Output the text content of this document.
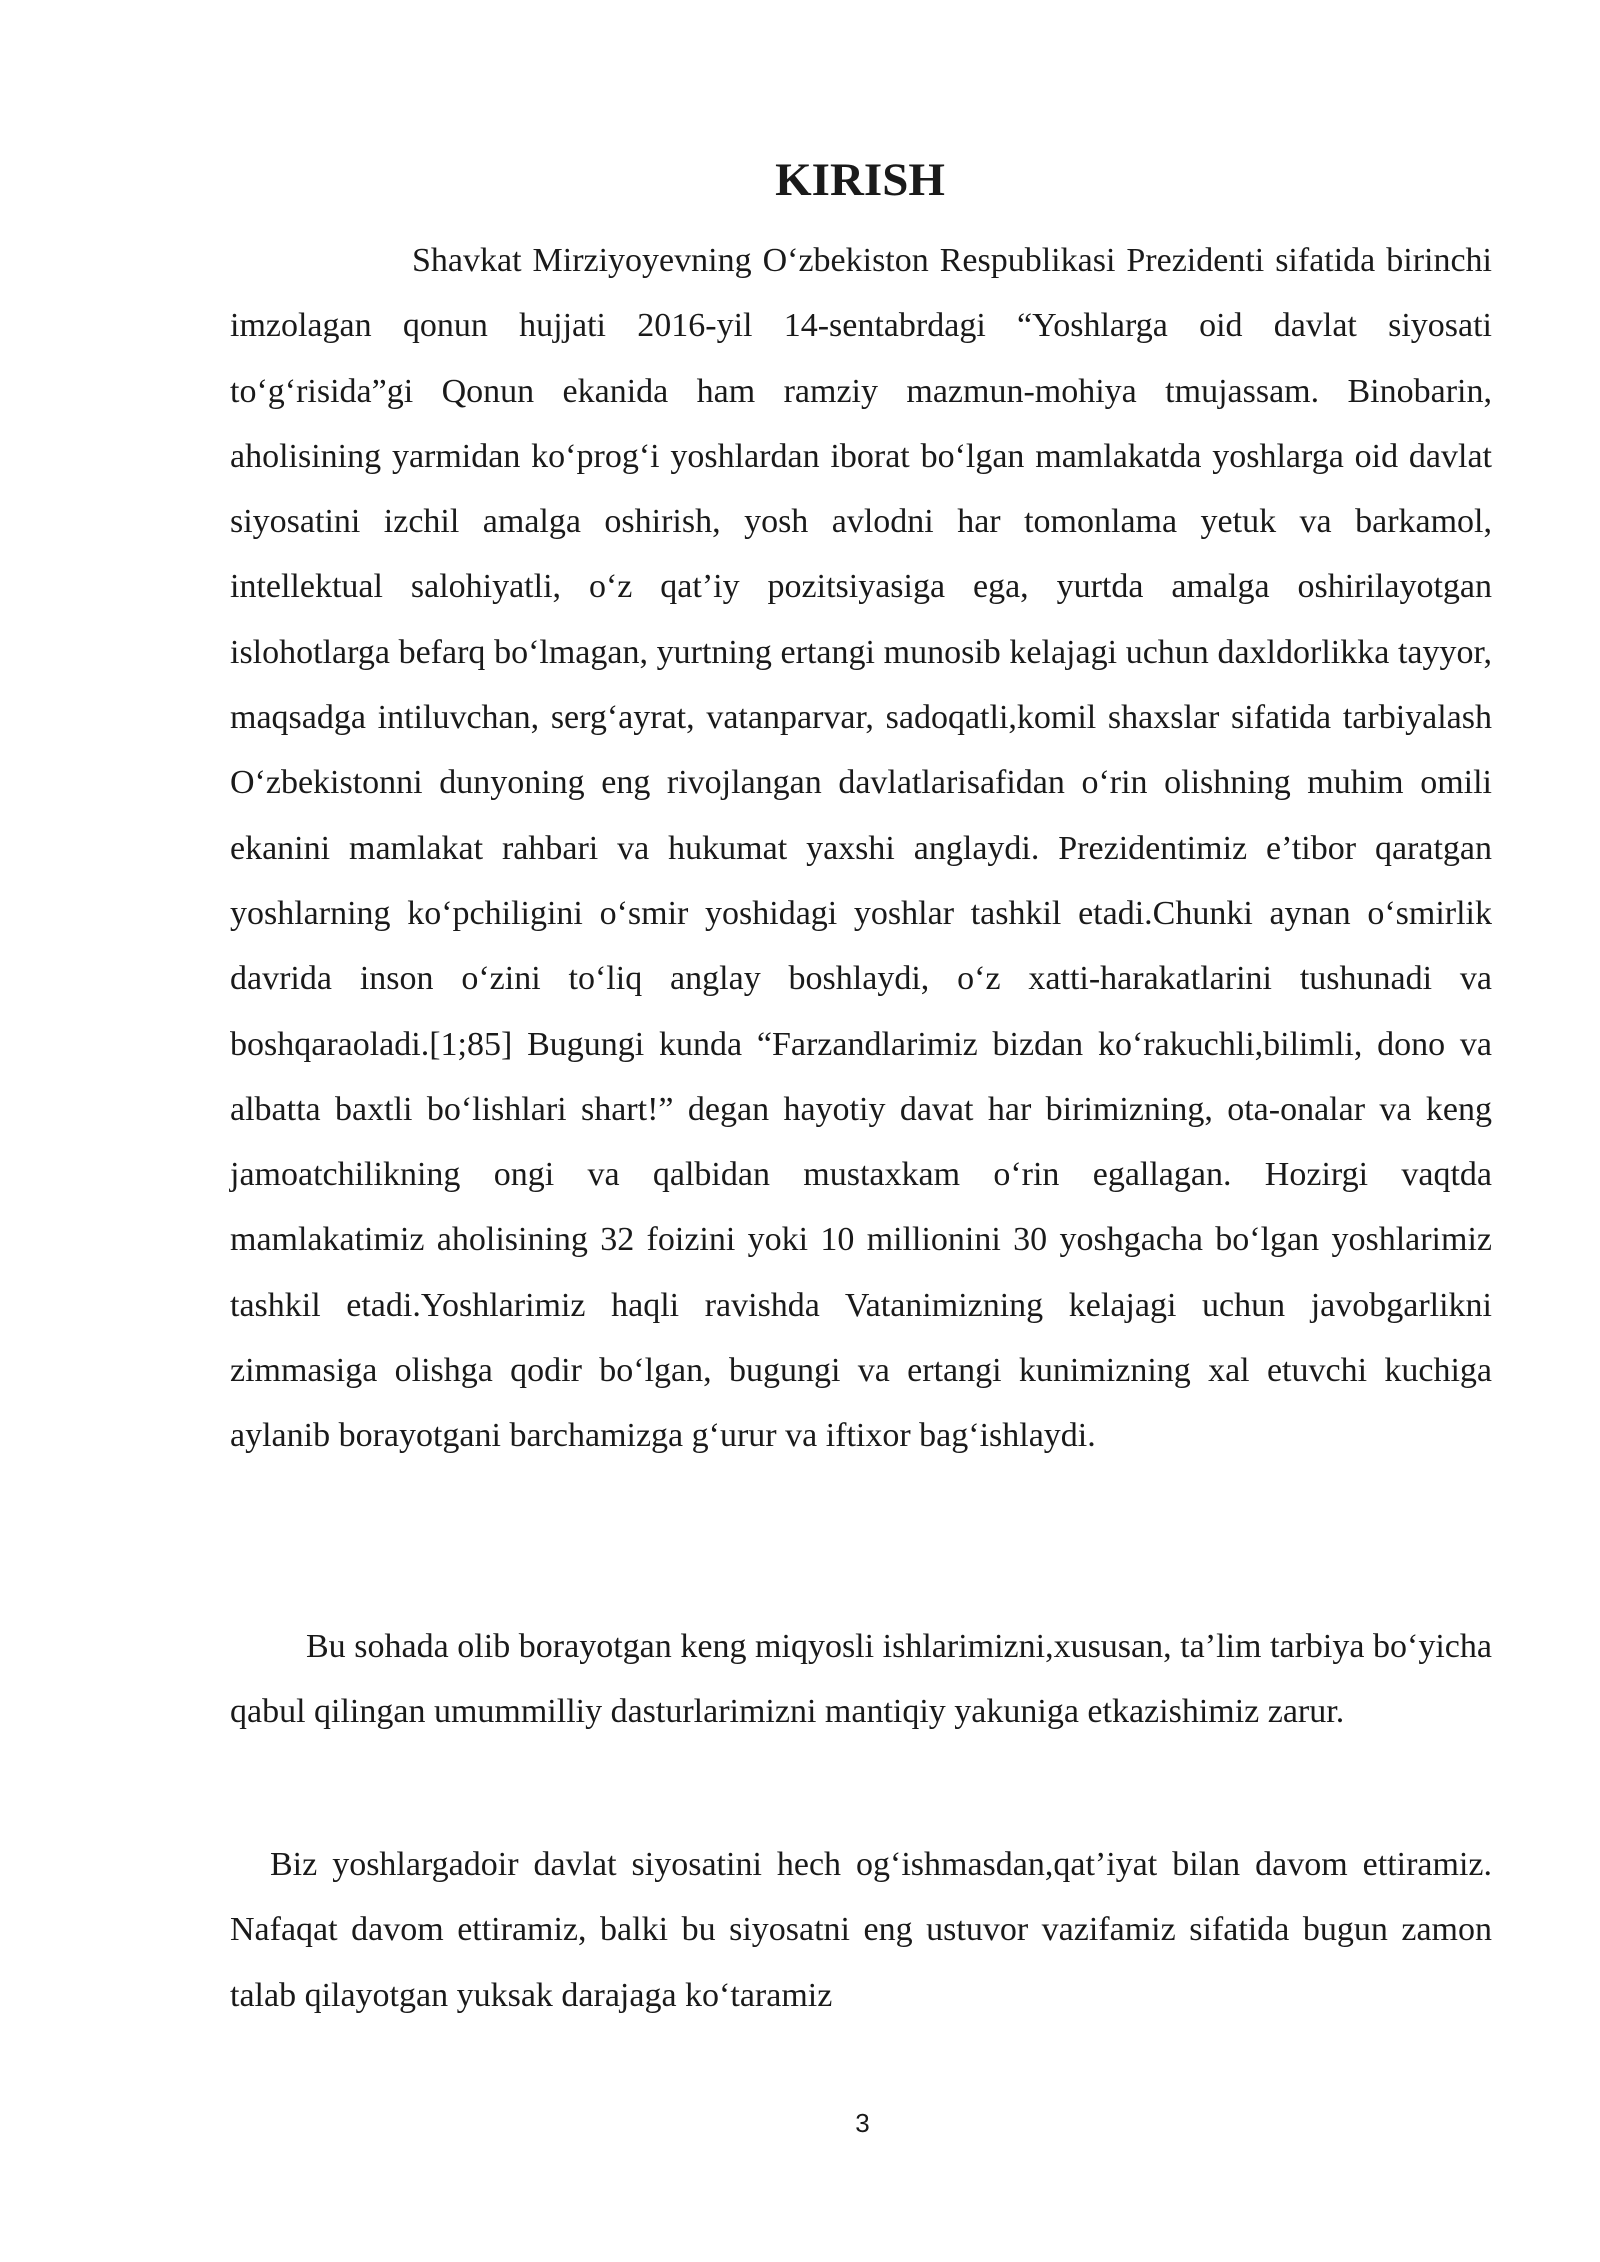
KIRISH

Shavkat Mirziyoyevning O‘zbekiston Respublikasi Prezidenti sifatida birinchi imzolagan qonun hujjati 2016-yil 14-sentabrdagi “Yoshlarga oid davlat siyosati to‘g‘risida”gi Qonun ekanida ham ramziy mazmun-mohiya tmujassam. Binobarin, aholisining yarmidan ko‘prog‘i yoshlardan iborat bo‘lgan mamlakatda yoshlarga oid davlat siyosatini izchil amalga oshirish, yosh avlodni har tomonlama yetuk va barkamol, intellektual salohiyatli, o‘z qat’iy pozitsiyasiga ega, yurtda amalga oshirilayotgan islohotlarga befarq bo‘lmagan, yurtning ertangi munosib kelajagi uchun daxldorlikka tayyor, maqsadga intiluvchan, serg‘ayrat, vatanparvar, sadoqatli,komil shaxslar sifatida tarbiyalash O‘zbekistonni dunyoning eng rivojlangan davlatlarisafidan o‘rin olishning muhim omili ekanini mamlakat rahbari va hukumat yaxshi anglaydi. Prezidentimiz e’tibor qaratgan yoshlarning ko‘pchiligini o‘smir yoshidagi yoshlar tashkil etadi.Chunki aynan o‘smirlik davrida inson o‘zini to‘liq anglay boshlaydi, o‘z xatti-harakatlarini tushunadi va boshqaraoladi.[1;85] Bugungi kunda “Farzandlarimiz bizdan ko‘rakuchli,bilimli, dono va albatta baxtli bo‘lishlari shart!” degan hayotiy davat har birimizning, ota-onalar va keng jamoatchilikning ongi va qalbidan mustaxkam o‘rin egallagan. Hozirgi vaqtda mamlakatimiz aholisining 32 foizini yoki 10 millionini 30 yoshgacha bo‘lgan yoshlarimiz tashkil etadi.Yoshlarimiz haqli ravishda Vatanimizning kelajagi uchun javobgarlikni zimmasiga olishga qodir bo‘lgan, bugungi va ertangi kunimizning xal etuvchi kuchiga aylanib borayotgani barchamizga g‘urur va iftixor bag‘ishlaydi.

Bu sohada olib borayotgan keng miqyosli ishlarimizni,xususan, ta’lim tarbiya bo‘yicha qabul qilingan umummilliy dasturlarimizni mantiqiy yakuniga etkazishimiz zarur.

Biz yoshlargadoir davlat siyosatini hech og‘ishmasdan,qat’iyat bilan davom ettiramiz. Nafaqat davom ettiramiz, balki bu siyosatni eng ustuvor vazifamiz sifatida bugun zamon talab qilayotgan yuksak darajaga ko‘taramiz

3
